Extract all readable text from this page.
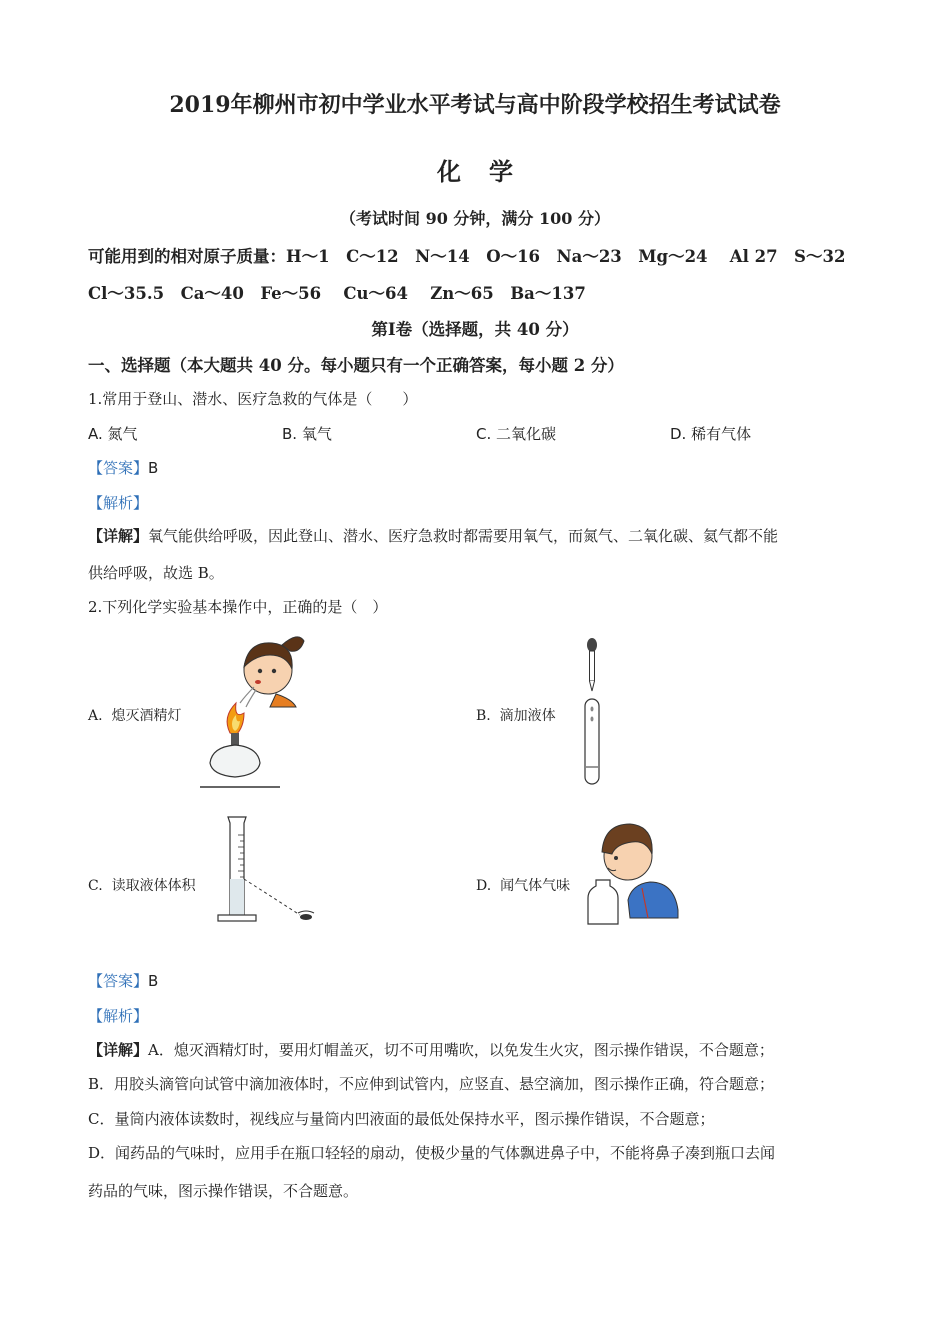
2019年柳州市初中学业水平考试与高中阶段学校招生考试试卷
化学
（考试时间 90 分钟，满分 100 分）
可能用到的相对原子质量：H～1　C～12　N～14　O～16　Na～23　Mg～24　 Al 27　S～32
Cl～35.5　Ca～40　Fe～56　 Cu～64　 Zn～65　Ba～137
第Ⅰ卷（选择题，共 40 分）
一、选择题（本大题共 40 分。每小题只有一个正确答案，每小题 2 分）
1.常用于登山、潜水、医疗急救的气体是（　　）
A. 氮气	B. 氧气	C. 二氧化碳	D. 稀有气体
【答案】B
【解析】
【详解】氧气能供给呼吸，因此登山、潜水、医疗急救时都需要用氧气，而氮气、二氧化碳、氦气都不能
供给呼吸，故选 B。
2.下列化学实验基本操作中，正确的是（　）
A. 熄灭酒精灯	B. 滴加液体
C. 读取液体体积	D. 闻气体气味
【答案】B
【解析】
【详解】A．熄灭酒精灯时，要用灯帽盖灭，切不可用嘴吹，以免发生火灾，图示操作错误，不合题意；
B．用胶头滴管向试管中滴加液体时，不应伸到试管内，应竖直、悬空滴加，图示操作正确，符合题意；
C．量筒内液体读数时，视线应与量筒内凹液面的最低处保持水平，图示操作错误，不合题意；
D．闻药品的气味时，应用手在瓶口轻轻的扇动，使极少量的气体飘进鼻子中，不能将鼻子凑到瓶口去闻
药品的气味，图示操作错误，不合题意。
